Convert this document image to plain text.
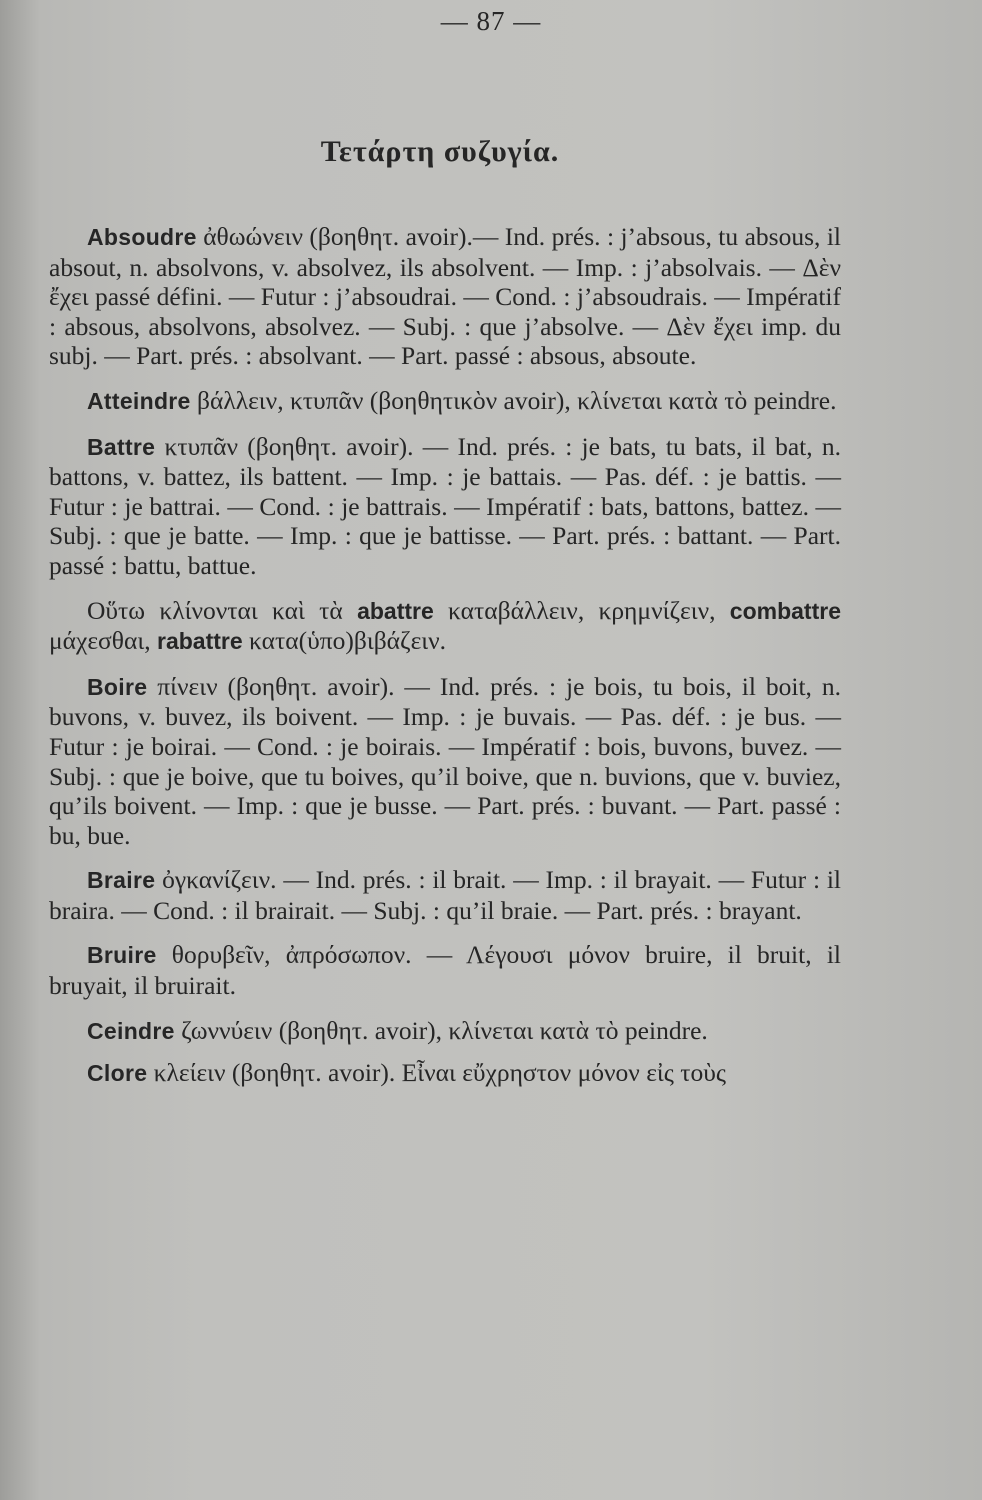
— 87 —
Τετάρτη συζυγία.

Absoudre ἀθωώνειν (βοηθητ. avoir).— Ind. prés. : j’absous, tu absous, il absout, n. absolvons, v. absolvez, ils absolvent. — Imp. : j’absolvais. — Δὲν ἔχει passé défini. — Futur : j’absoudrai. — Cond. : j’absoudrais. — Impératif : absous, absolvons, absolvez. — Subj. : que j’absolve. — Δὲν ἔχει imp. du subj. — Part. prés. : absolvant. — Part. passé : absous, absoute.

Atteindre βάλλειν, κτυπᾶν (βοηθητικὸν avoir), κλίνεται κατὰ τὸ peindre.

Battre κτυπᾶν (βοηθητ. avoir). — Ind. prés. : je bats, tu bats, il bat, n. battons, v. battez, ils battent. — Imp. : je battais. — Pas. déf. : je battis. — Futur : je battrai. — Cond. : je battrais. — Impératif : bats, battons, battez. — Subj. : que je batte. — Imp. : que je battisse. — Part. prés. : battant. — Part. passé : battu, battue.

Οὕτω κλίνονται καὶ τὰ abattre καταβάλλειν, κρημνίζειν, combattre μάχεσθαι, rabattre κατα(ὑπο)βιβάζειν.

Boire πίνειν (βοηθητ. avoir). — Ind. prés. : je bois, tu bois, il boit, n. buvons, v. buvez, ils boivent. — Imp. : je buvais. — Pas. déf. : je bus. — Futur : je boirai. — Cond. : je boirais. — Impératif : bois, buvons, buvez. — Subj. : que je boive, que tu boives, qu’il boive, que n. buvions, que v. buviez, qu’ils boivent. — Imp. : que je busse. — Part. prés. : buvant. — Part. passé : bu, bue.

Braire ὀγκανίζειν. — Ind. prés. : il brait. — Imp. : il brayait. — Futur : il braira. — Cond. : il brairait. — Subj. : qu’il braie. — Part. prés. : brayant.

Bruire θορυβεῖν, ἀπρόσωπον. — Λέγουσι μόνον bruire, il bruit, il bruyait, il bruirait.

Ceindre ζωννύειν (βοηθητ. avoir), κλίνεται κατὰ τὸ peindre.

Clore κλείειν (βοηθητ. avoir). Εἶναι εὔχρηστον μόνον εἰς τοὺς
